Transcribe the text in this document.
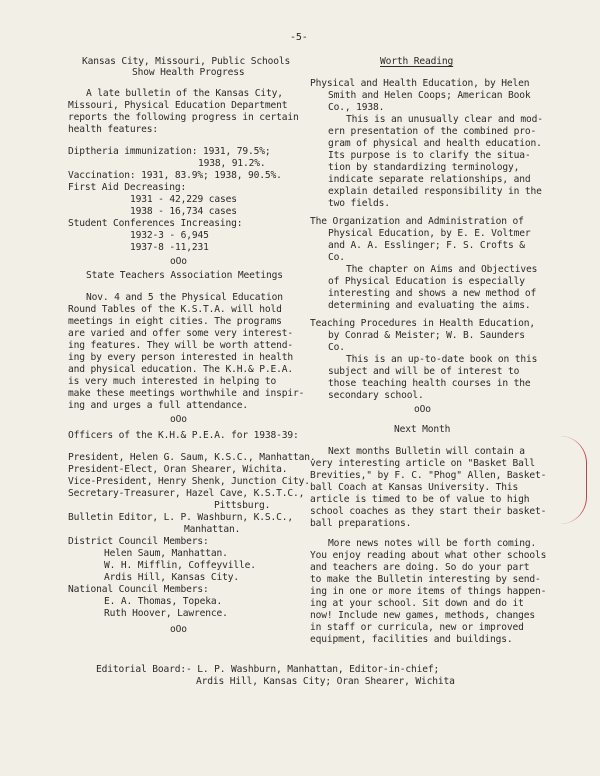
-5-
Kansas City, Missouri, Public Schools
Show Health Progress
A late bulletin of the Kansas City,
Missouri, Physical Education Department
reports the following progress in certain
health features:
Diptheria immunization: 1931, 79.5%;
1938, 91.2%.
Vaccination: 1931, 83.9%; 1938, 90.5%.
First Aid Decreasing:
1931 - 42,229 cases
1938 - 16,734 cases
Student Conferences Increasing:
1932-3 - 6,945
1937-8 -11,231
oOo
State Teachers Association Meetings
Nov. 4 and 5 the Physical Education
Round Tables of the K.S.T.A. will hold
meetings in eight cities. The programs
are varied and offer some very interest-
ing features. They will be worth attend-
ing by every person interested in health
and physical education. The K.H.& P.E.A.
is very much interested in helping to
make these meetings worthwhile and inspir-
ing and urges a full attendance.
oOo
Officers of the K.H.& P.E.A. for 1938-39:
President, Helen G. Saum, K.S.C., Manhattan.
President-Elect, Oran Shearer, Wichita.
Vice-President, Henry Shenk, Junction City.
Secretary-Treasurer, Hazel Cave, K.S.T.C.,
Pittsburg.
Bulletin Editor, L. P. Washburn, K.S.C.,
Manhattan.
District Council Members:
Helen Saum, Manhattan.
W. H. Mifflin, Coffeyville.
Ardis Hill, Kansas City.
National Council Members:
E. A. Thomas, Topeka.
Ruth Hoover, Lawrence.
oOo
Worth Reading
Physical and Health Education, by Helen
Smith and Helen Coops; American Book
Co., 1938.
This is an unusually clear and mod-
ern presentation of the combined pro-
gram of physical and health education.
Its purpose is to clarify the situa-
tion by standardizing terminology,
indicate separate relationships, and
explain detailed responsibility in the
two fields.
The Organization and Administration of
Physical Education, by E. E. Voltmer
and A. A. Esslinger; F. S. Crofts &
Co.
The chapter on Aims and Objectives
of Physical Education is especially
interesting and shows a new method of
determining and evaluating the aims.
Teaching Procedures in Health Education,
by Conrad & Meister; W. B. Saunders
Co.
This is an up-to-date book on this
subject and will be of interest to
those teaching health courses in the
secondary school.
oOo
Next Month
Next months Bulletin will contain a
very interesting article on "Basket Ball
Brevities," by F. C. "Phog" Allen, Basket-
ball Coach at Kansas University. This
article is timed to be of value to high
school coaches as they start their basket-
ball preparations.
More news notes will be forth coming.
You enjoy reading about what other schools
and teachers are doing. So do your part
to make the Bulletin interesting by send-
ing in one or more items of things happen-
ing at your school. Sit down and do it
now! Include new games, methods, changes
in staff or curricula, new or improved
equipment, facilities and buildings.
Editorial Board:- L. P. Washburn, Manhattan, Editor-in-chief;
Ardis Hill, Kansas City; Oran Shearer, Wichita
